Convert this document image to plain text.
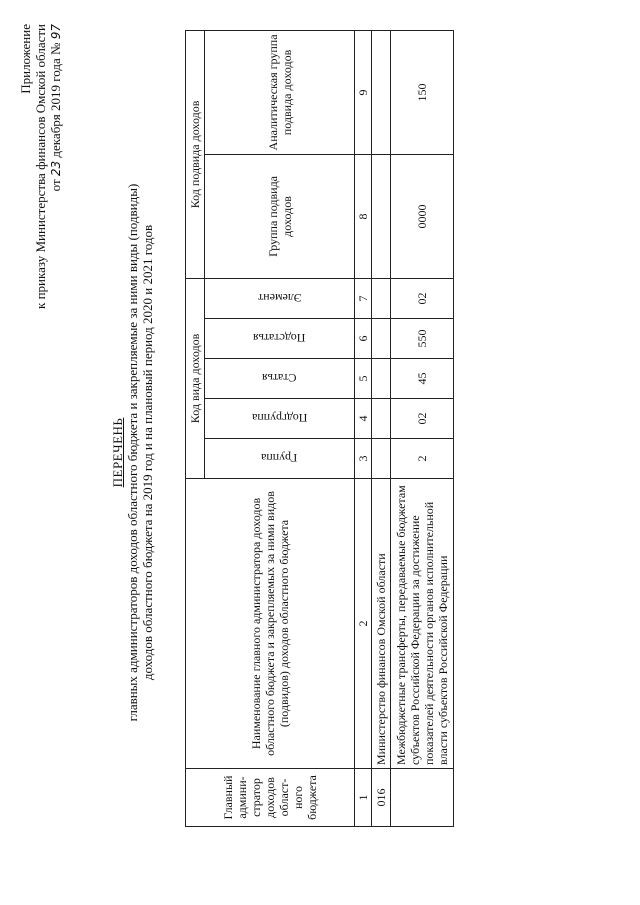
Приложение к приказу Министерства финансов Омской области от 23 декабря 2019 года № 97
ПЕРЕЧЕНЬ главных администраторов доходов областного бюджета и закрепляемые за ними виды (подвиды) доходов областного бюджета на 2019 год и на плановый период 2020 и 2021 годов
Главный админи-стратор доходов област-ного бюджета	Наименование главного администратора доходов областного бюджета и закрепляемых за ними видов (подвидов) доходов областного бюджета	Код вида доходов					Код подвида доходов	

		Группа	Подгруппа	Статья	Подстатья	Элемент	Группа подвида доходов	Аналитическая группа подвида доходов
1	2	3	4	5	6	7	8	9
016	Министерство финансов Омской области							
	Межбюджетные трансферты, передаваемые бюджетам субъектов Российской Федерации за достижение показателей деятельности органов исполнительной власти субъектов Российской Федерации	2	02	45	550	02	0000	150
